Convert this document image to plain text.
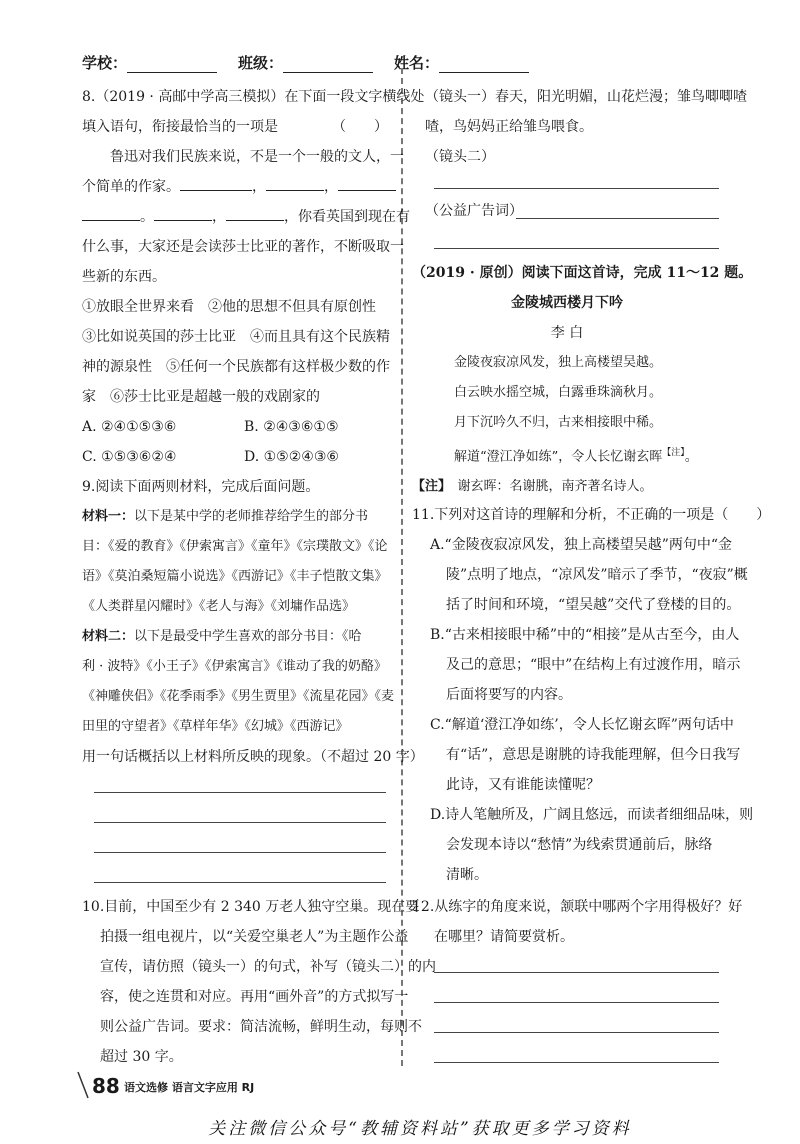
学校：	班级：	姓名：
8.（2019 · 高邮中学高三模拟）在下面一段文字横线处
填入语句，衔接最恰当的一项是	（　　）
鲁迅对我们民族来说，不是一个一般的文人，一
个简单的作家。	，	，
。	，	，你看英国到现在有
什么事，大家还是会读莎士比亚的著作，不断吸取一
些新的东西。
①放眼全世界来看　②他的思想不但具有原创性
③比如说英国的莎士比亚　④而且具有这个民族精
神的源泉性　⑤任何一个民族都有这样极少数的作
家　⑥莎士比亚是超越一般的戏剧家的
A. ②④①⑤③⑥	B. ②④③⑥①⑤
C. ①⑤③⑥②④	D. ①⑤②④③⑥
9.阅读下面两则材料，完成后面问题。
材料一：以下是某中学的老师推荐给学生的部分书
目：《爱的教育》《伊索寓言》《童年》《宗璞散文》《论
语》《莫泊桑短篇小说选》《西游记》《丰子恺散文集》
《人类群星闪耀时》《老人与海》《刘墉作品选》
材料二：以下是最受中学生喜欢的部分书目：《哈
利 · 波特》《小王子》《伊索寓言》《谁动了我的奶酪》
《神雕侠侣》《花季雨季》《男生贾里》《流星花园》《麦
田里的守望者》《草样年华》《幻城》《西游记》
用一句话概括以上材料所反映的现象。（不超过 20 字）
10.目前，中国至少有 2 340 万老人独守空巢。现在要
拍摄一组电视片，以“关爱空巢老人”为主题作公益
宣传，请仿照（镜头一）的句式，补写（镜头二）的内
容，使之连贯和对应。再用“画外音”的方式拟写一
则公益广告词。要求：简洁流畅，鲜明生动，每则不
超过 30 字。
（镜头一）春天，阳光明媚，山花烂漫；雏鸟唧唧喳
喳，鸟妈妈正给雏鸟喂食。
（镜头二）
（公益广告词）
（2019 · 原创）阅读下面这首诗，完成 11～12 题。
金陵城西楼月下吟
李 白
金陵夜寂凉风发，独上高楼望吴越。
白云映水摇空城，白露垂珠滴秋月。
月下沉吟久不归，古来相接眼中稀。
解道“澄江净如练”，令人长忆谢玄晖$^{【注】}$。
【注】　 谢玄晖：名谢朓，南齐著名诗人。
11.下列对这首诗的理解和分析，不正确的一项是（　　）
A.“金陵夜寂凉风发，独上高楼望吴越”两句中“金
陵”点明了地点，“凉风发”暗示了季节，“夜寂”概
括了时间和环境，“望吴越”交代了登楼的目的。
B.“古来相接眼中稀”中的“相接”是从古至今，由人
及己的意思；“眼中”在结构上有过渡作用，暗示
后面将要写的内容。
C.“解道‘澄江净如练’，令人长忆谢玄晖”两句话中
有“话”，意思是谢朓的诗我能理解，但今日我写
此诗，又有谁能读懂呢？
D.诗人笔触所及，广阔且悠远，而读者细细品味，则
会发现本诗以“愁情”为线索贯通前后，脉络
清晰。
12.从练字的角度来说，颔联中哪两个字用得极好？好
在哪里？请简要赏析。
88 语文选修 语言文字应用 RJ
关注微信公众号“教辅资料站”获取更多学习资料
